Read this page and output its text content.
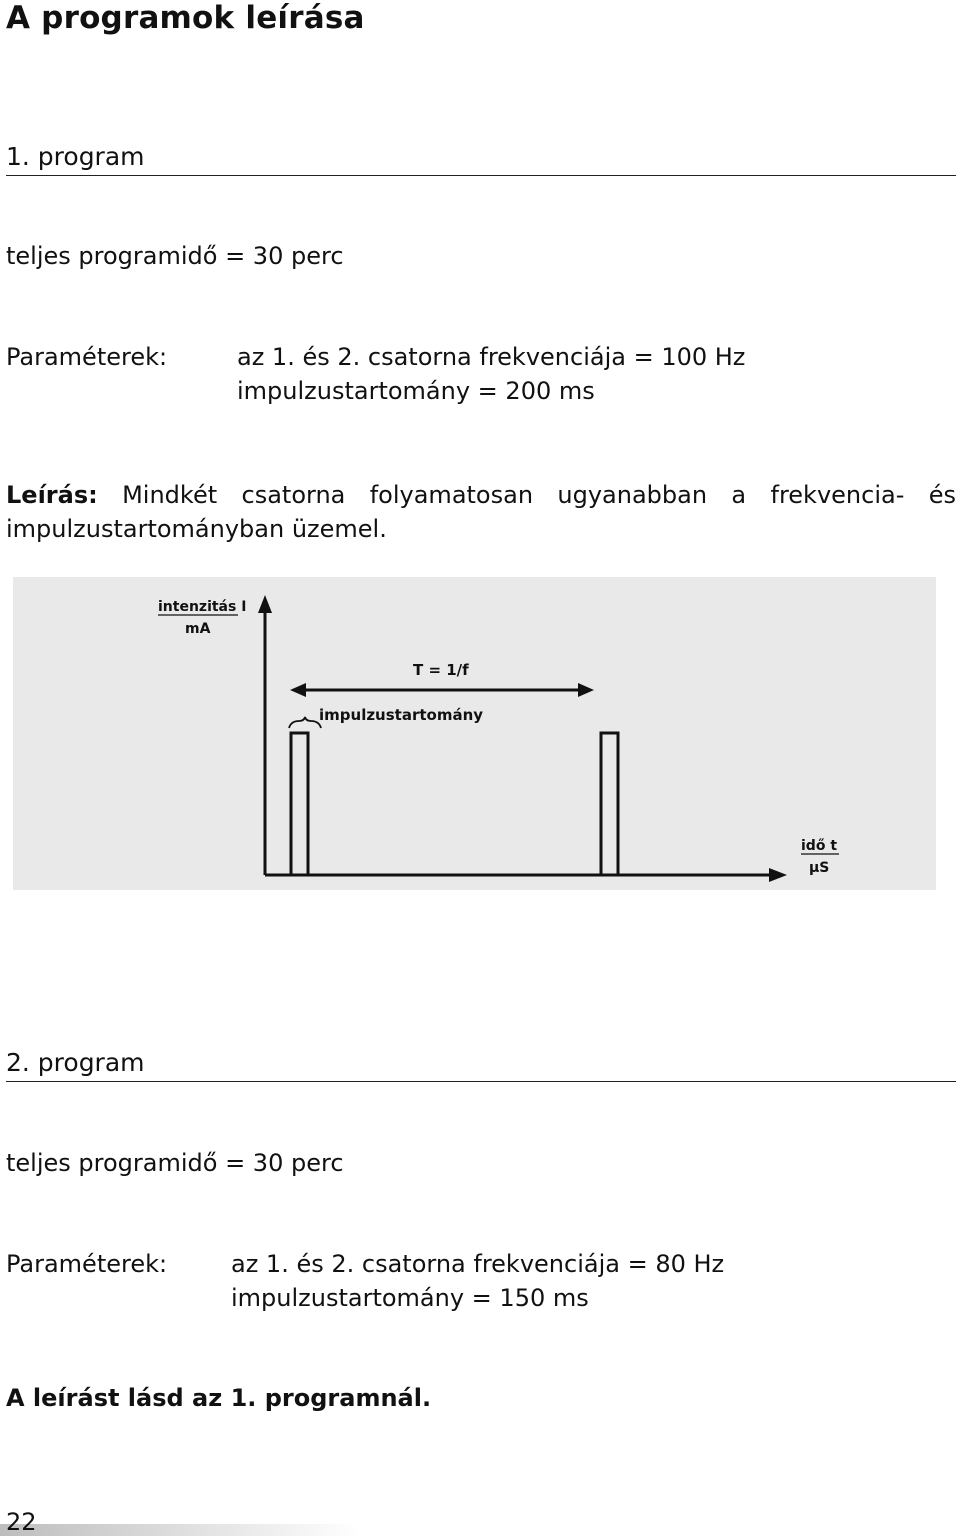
A programok leírása
1. program
teljes programidő = 30 perc
Paraméterek:	az 1. és 2. csatorna frekvenciája = 100 Hz
impulzustartomány = 200 ms
Leírás: Mindkét csatorna folyamatosan ugyanabban a frekvencia- és impulzustartományban üzemel.
intenzitás I
mA
T = 1/f
impulzustartomány
idő t
µS
2. program
teljes programidő = 30 perc
Paraméterek:	az 1. és 2. csatorna frekvenciája = 80 Hz
impulzustartomány = 150 ms
A leírást lásd az 1. programnál.
22
